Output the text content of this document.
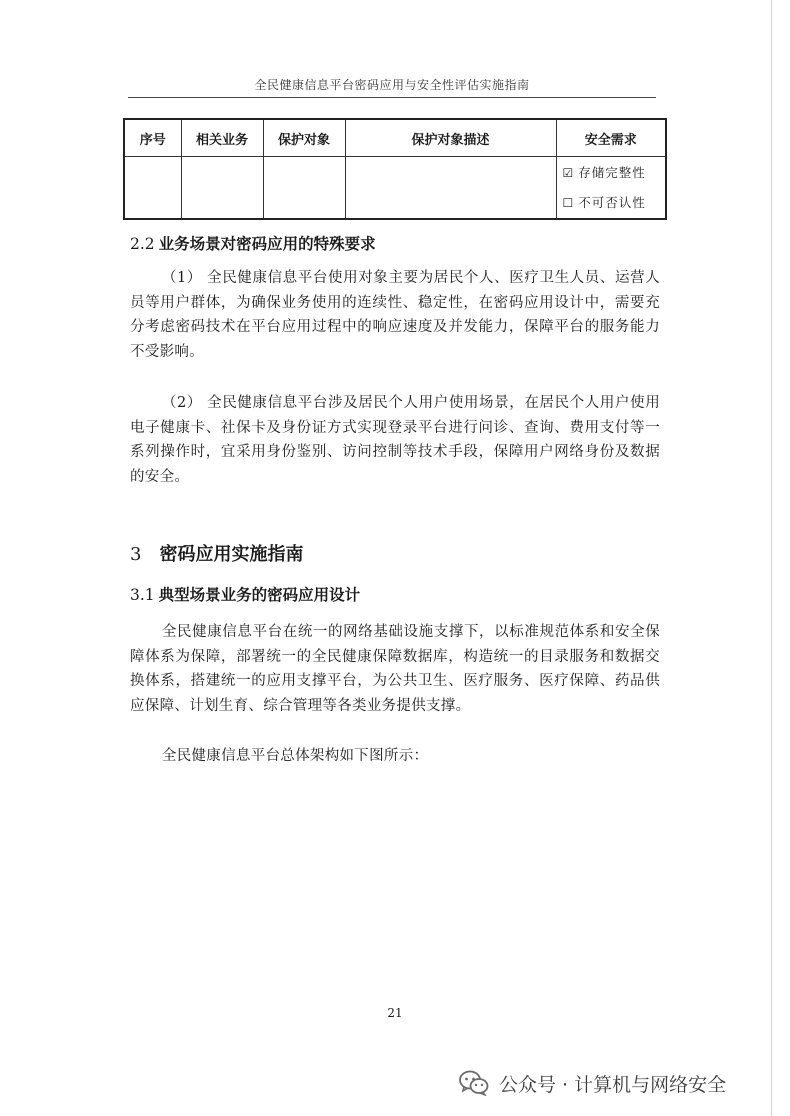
全民健康信息平台密码应用与安全性评估实施指南
序号	相关业务	保护对象	保护对象描述	安全需求

				☑ 存储完整性
☐ 不可否认性
2.2 业务场景对密码应用的特殊要求
（1） 全民健康信息平台使用对象主要为居民个人、医疗卫生人员、运营人员等用户群体，为确保业务使用的连续性、稳定性，在密码应用设计中，需要充分考虑密码技术在平台应用过程中的响应速度及并发能力，保障平台的服务能力不受影响。
（2） 全民健康信息平台涉及居民个人用户使用场景，在居民个人用户使用电子健康卡、社保卡及身份证方式实现登录平台进行问诊、查询、费用支付等一系列操作时，宜采用身份鉴别、访问控制等技术手段，保障用户网络身份及数据的安全。
3 密码应用实施指南
3.1 典型场景业务的密码应用设计
全民健康信息平台在统一的网络基础设施支撑下，以标准规范体系和安全保障体系为保障，部署统一的全民健康保障数据库，构造统一的目录服务和数据交换体系，搭建统一的应用支撑平台，为公共卫生、医疗服务、医疗保障、药品供应保障、计划生育、综合管理等各类业务提供支撑。
全民健康信息平台总体架构如下图所示：
21
公众号 · 计算机与网络安全
